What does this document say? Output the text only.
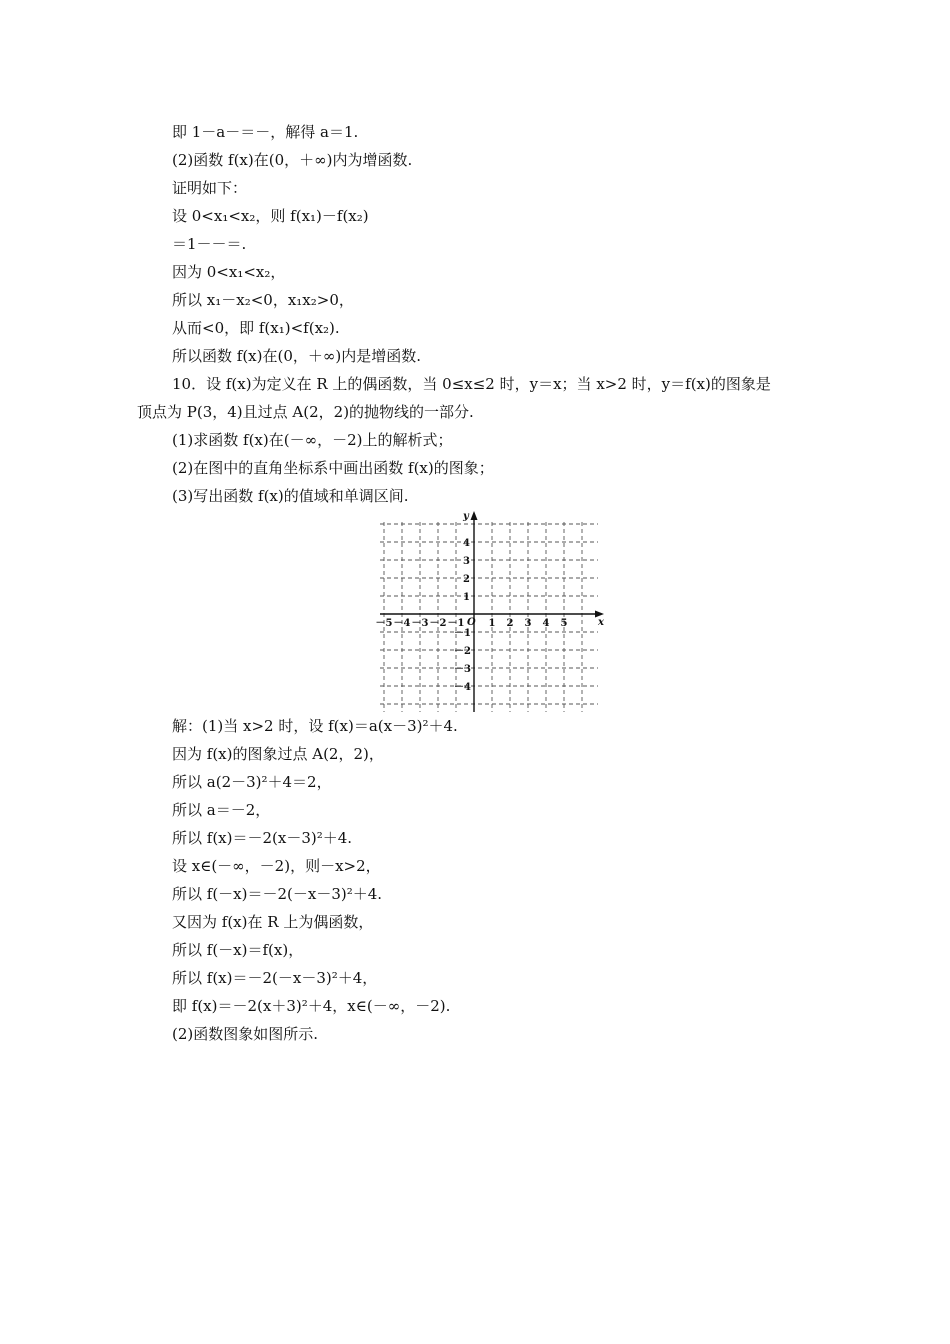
即 1－a－＝－，解得 a＝1.
(2)函数 f(x)在(0，＋∞)内为增函数.
证明如下：
设 0<x₁<x₂，则 f(x₁)－f(x₂)
＝1－－＝.
因为 0<x₁<x₂，
所以 x₁－x₂<0，x₁x₂>0，
从而<0，即 f(x₁)<f(x₂).
所以函数 f(x)在(0，＋∞)内是增函数.
10．设 f(x)为定义在 R 上的偶函数，当 0≤x≤2 时，y＝x；当 x>2 时，y＝f(x)的图象是
顶点为 P(3，4)且过点 A(2，2)的抛物线的一部分.
(1)求函数 f(x)在(－∞，－2)上的解析式；
(2)在图中的直角坐标系中画出函数 f(x)的图象；
(3)写出函数 f(x)的值域和单调区间.
x
y
O
－5 －4 －3 －2 －1 1 2 3 4 5
4
3
2
1
－1
－2
－3
－4
解：(1)当 x>2 时，设 f(x)＝a(x－3)²＋4.
因为 f(x)的图象过点 A(2，2)，
所以 a(2－3)²＋4＝2，
所以 a＝－2，
所以 f(x)＝－2(x－3)²＋4.
设 x∈(－∞，－2)，则－x>2，
所以 f(－x)＝－2(－x－3)²＋4.
又因为 f(x)在 R 上为偶函数，
所以 f(－x)＝f(x)，
所以 f(x)＝－2(－x－3)²＋4，
即 f(x)＝－2(x＋3)²＋4，x∈(－∞，－2).
(2)函数图象如图所示.
